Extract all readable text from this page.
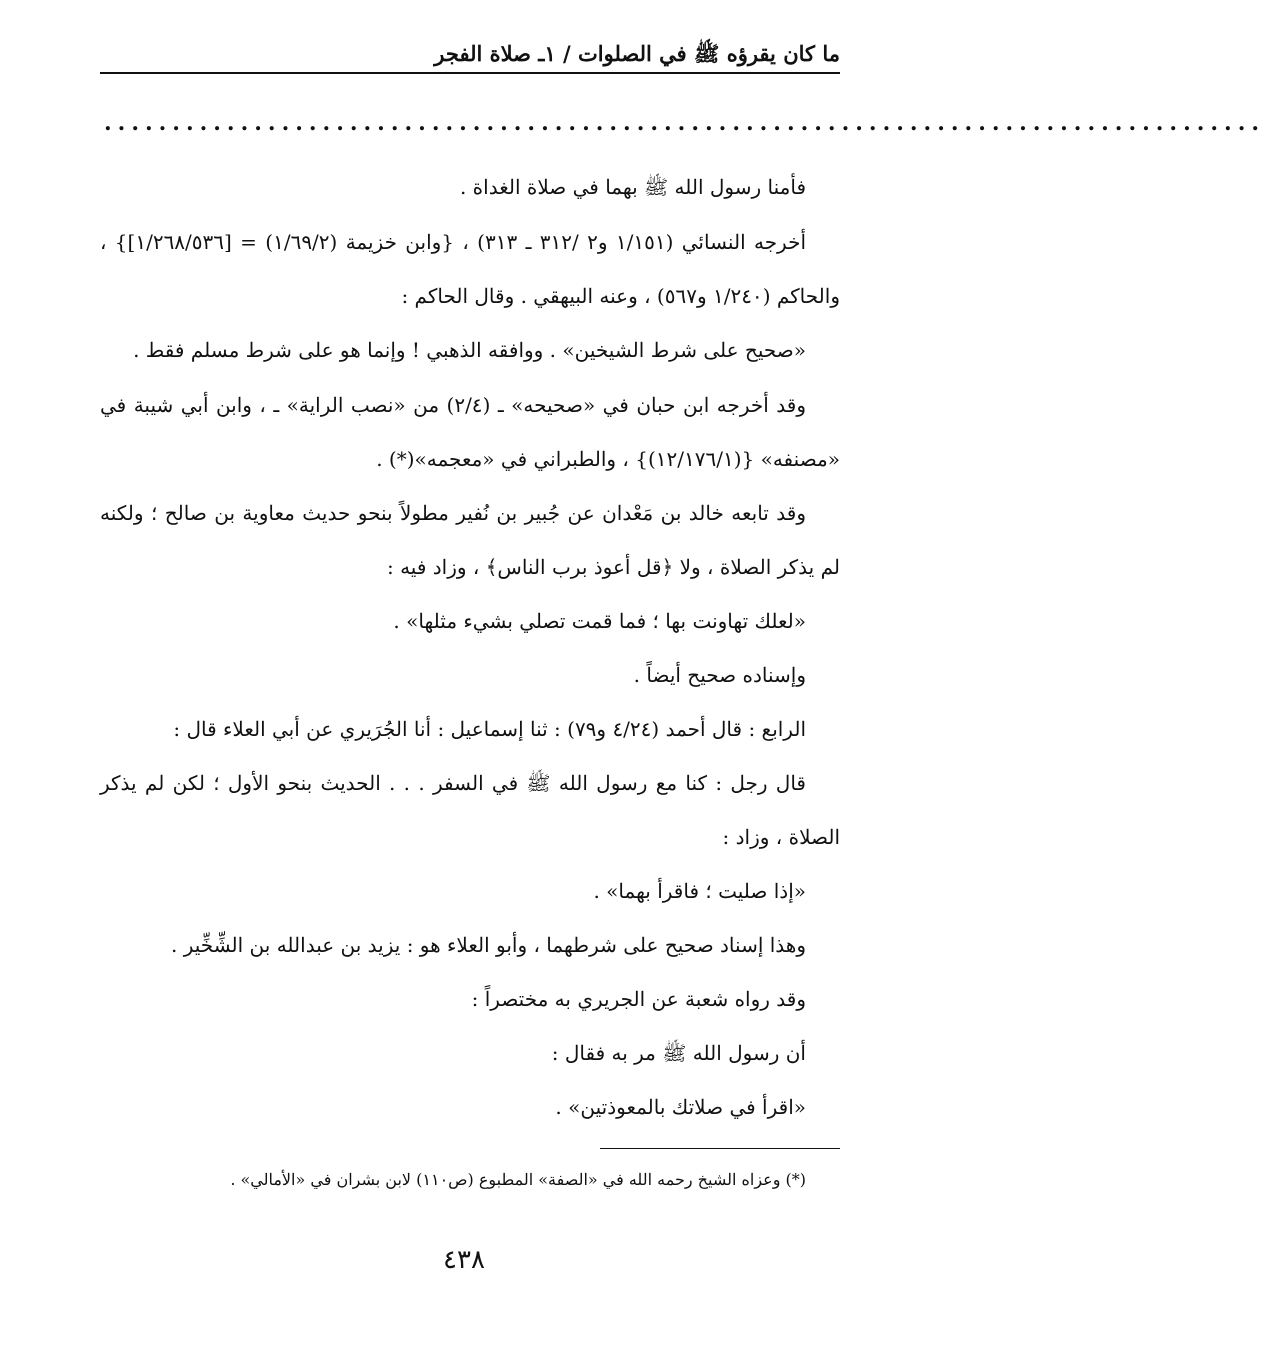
ما كان يقرؤه ﷺ في الصلوات / ١ـ صلاة الفجر
.....................................................................................

فأمنا رسول الله ﷺ بهما في صلاة الغداة .

أخرجه النسائي (١/١٥١ و٢ /٣١٢ ـ ٣١٣) ، {وابن خزيمة (١/٦٩/٢) = [١/٢٦٨/٥٣٦]} ، والحاكم (١/٢٤٠ و٥٦٧) ، وعنه البيهقي . وقال الحاكم :

«صحيح على شرط الشيخين» . ووافقه الذهبي ! وإنما هو على شرط مسلم فقط .

وقد أخرجه ابن حبان في «صحيحه» ـ (٢/٤) من «نصب الراية» ـ ، وابن أبي شيبة في «مصنفه» {(١٢/١٧٦/١)} ، والطبراني في «معجمه»(*) .

وقد تابعه خالد بن مَعْدان عن جُبير بن نُفير مطولاً بنحو حديث معاوية بن صالح ؛ ولكنه لم يذكر الصلاة ، ولا ﴿قل أعوذ برب الناس﴾ ، وزاد فيه :

«لعلك تهاونت بها ؛ فما قمت تصلي بشيء مثلها» .

وإسناده صحيح أيضاً .

الرابع : قال أحمد (٤/٢٤ و٧٩) : ثنا إسماعيل : أنا الجُرَيري عن أبي العلاء قال :

قال رجل : كنا مع رسول الله ﷺ في السفر . . . الحديث بنحو الأول ؛ لكن لم يذكر الصلاة ، وزاد :

«إذا صليت ؛ فاقرأ بهما» .

وهذا إسناد صحيح على شرطهما ، وأبو العلاء هو : يزيد بن عبدالله بن الشِّخِّير .

وقد رواه شعبة عن الجريري به مختصراً :

أن رسول الله ﷺ مر به فقال :

«اقرأ في صلاتك بالمعوذتين» .

(*) وعزاه الشيخ رحمه الله في «الصفة» المطبوع (ص١١٠) لابن بشران في «الأمالي» .
٤٣٨
